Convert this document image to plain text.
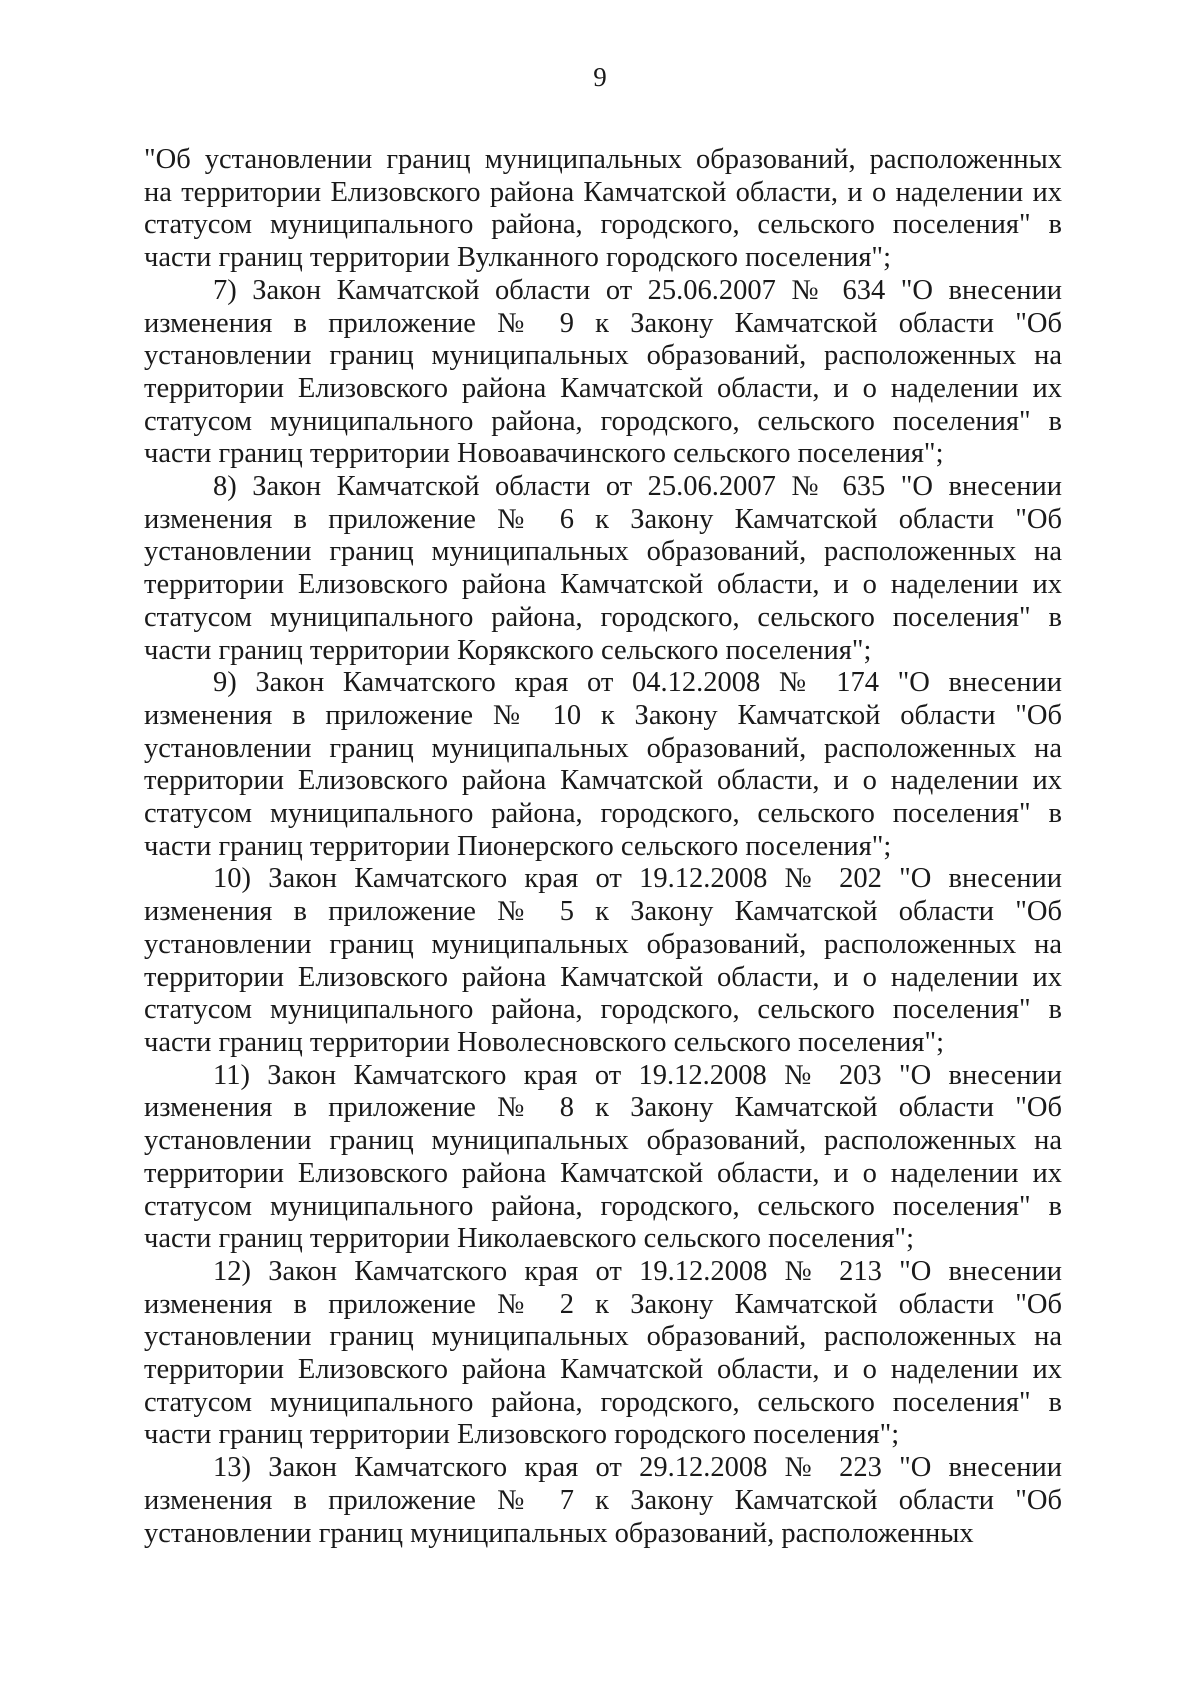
9

"Об установлении границ муниципальных образований, расположенных на территории Елизовского района Камчатской области, и о наделении их статусом муниципального района, городского, сельского поселения" в части границ территории Вулканного городского поселения";

7) Закон Камчатской области от 25.06.2007 № 634 "О внесении изменения в приложение № 9 к Закону Камчатской области "Об установлении границ муниципальных образований, расположенных на территории Елизовского района Камчатской области, и о наделении их статусом муниципального района, городского, сельского поселения" в части границ территории Новоавачинского сельского поселения";

8) Закон Камчатской области от 25.06.2007 № 635 "О внесении изменения в приложение № 6 к Закону Камчатской области "Об установлении границ муниципальных образований, расположенных на территории Елизовского района Камчатской области, и о наделении их статусом муниципального района, городского, сельского поселения" в части границ территории Корякского сельского поселения";

9) Закон Камчатского края от 04.12.2008 № 174 "О внесении изменения в приложение № 10 к Закону Камчатской области "Об установлении границ муниципальных образований, расположенных на территории Елизовского района Камчатской области, и о наделении их статусом муниципального района, городского, сельского поселения" в части границ территории Пионерского сельского поселения";

10) Закон Камчатского края от 19.12.2008 № 202 "О внесении изменения в приложение № 5 к Закону Камчатской области "Об установлении границ муниципальных образований, расположенных на территории Елизовского района Камчатской области, и о наделении их статусом муниципального района, городского, сельского поселения" в части границ территории Новолесновского сельского поселения";

11) Закон Камчатского края от 19.12.2008 № 203 "О внесении изменения в приложение № 8 к Закону Камчатской области "Об установлении границ муниципальных образований, расположенных на территории Елизовского района Камчатской области, и о наделении их статусом муниципального района, городского, сельского поселения" в части границ территории Николаевского сельского поселения";

12) Закон Камчатского края от 19.12.2008 № 213 "О внесении изменения в приложение № 2 к Закону Камчатской области "Об установлении границ муниципальных образований, расположенных на территории Елизовского района Камчатской области, и о наделении их статусом муниципального района, городского, сельского поселения" в части границ территории Елизовского городского поселения";

13) Закон Камчатского края от 29.12.2008 № 223 "О внесении изменения в приложение № 7 к Закону Камчатской области "Об установлении границ муниципальных образований, расположенных
